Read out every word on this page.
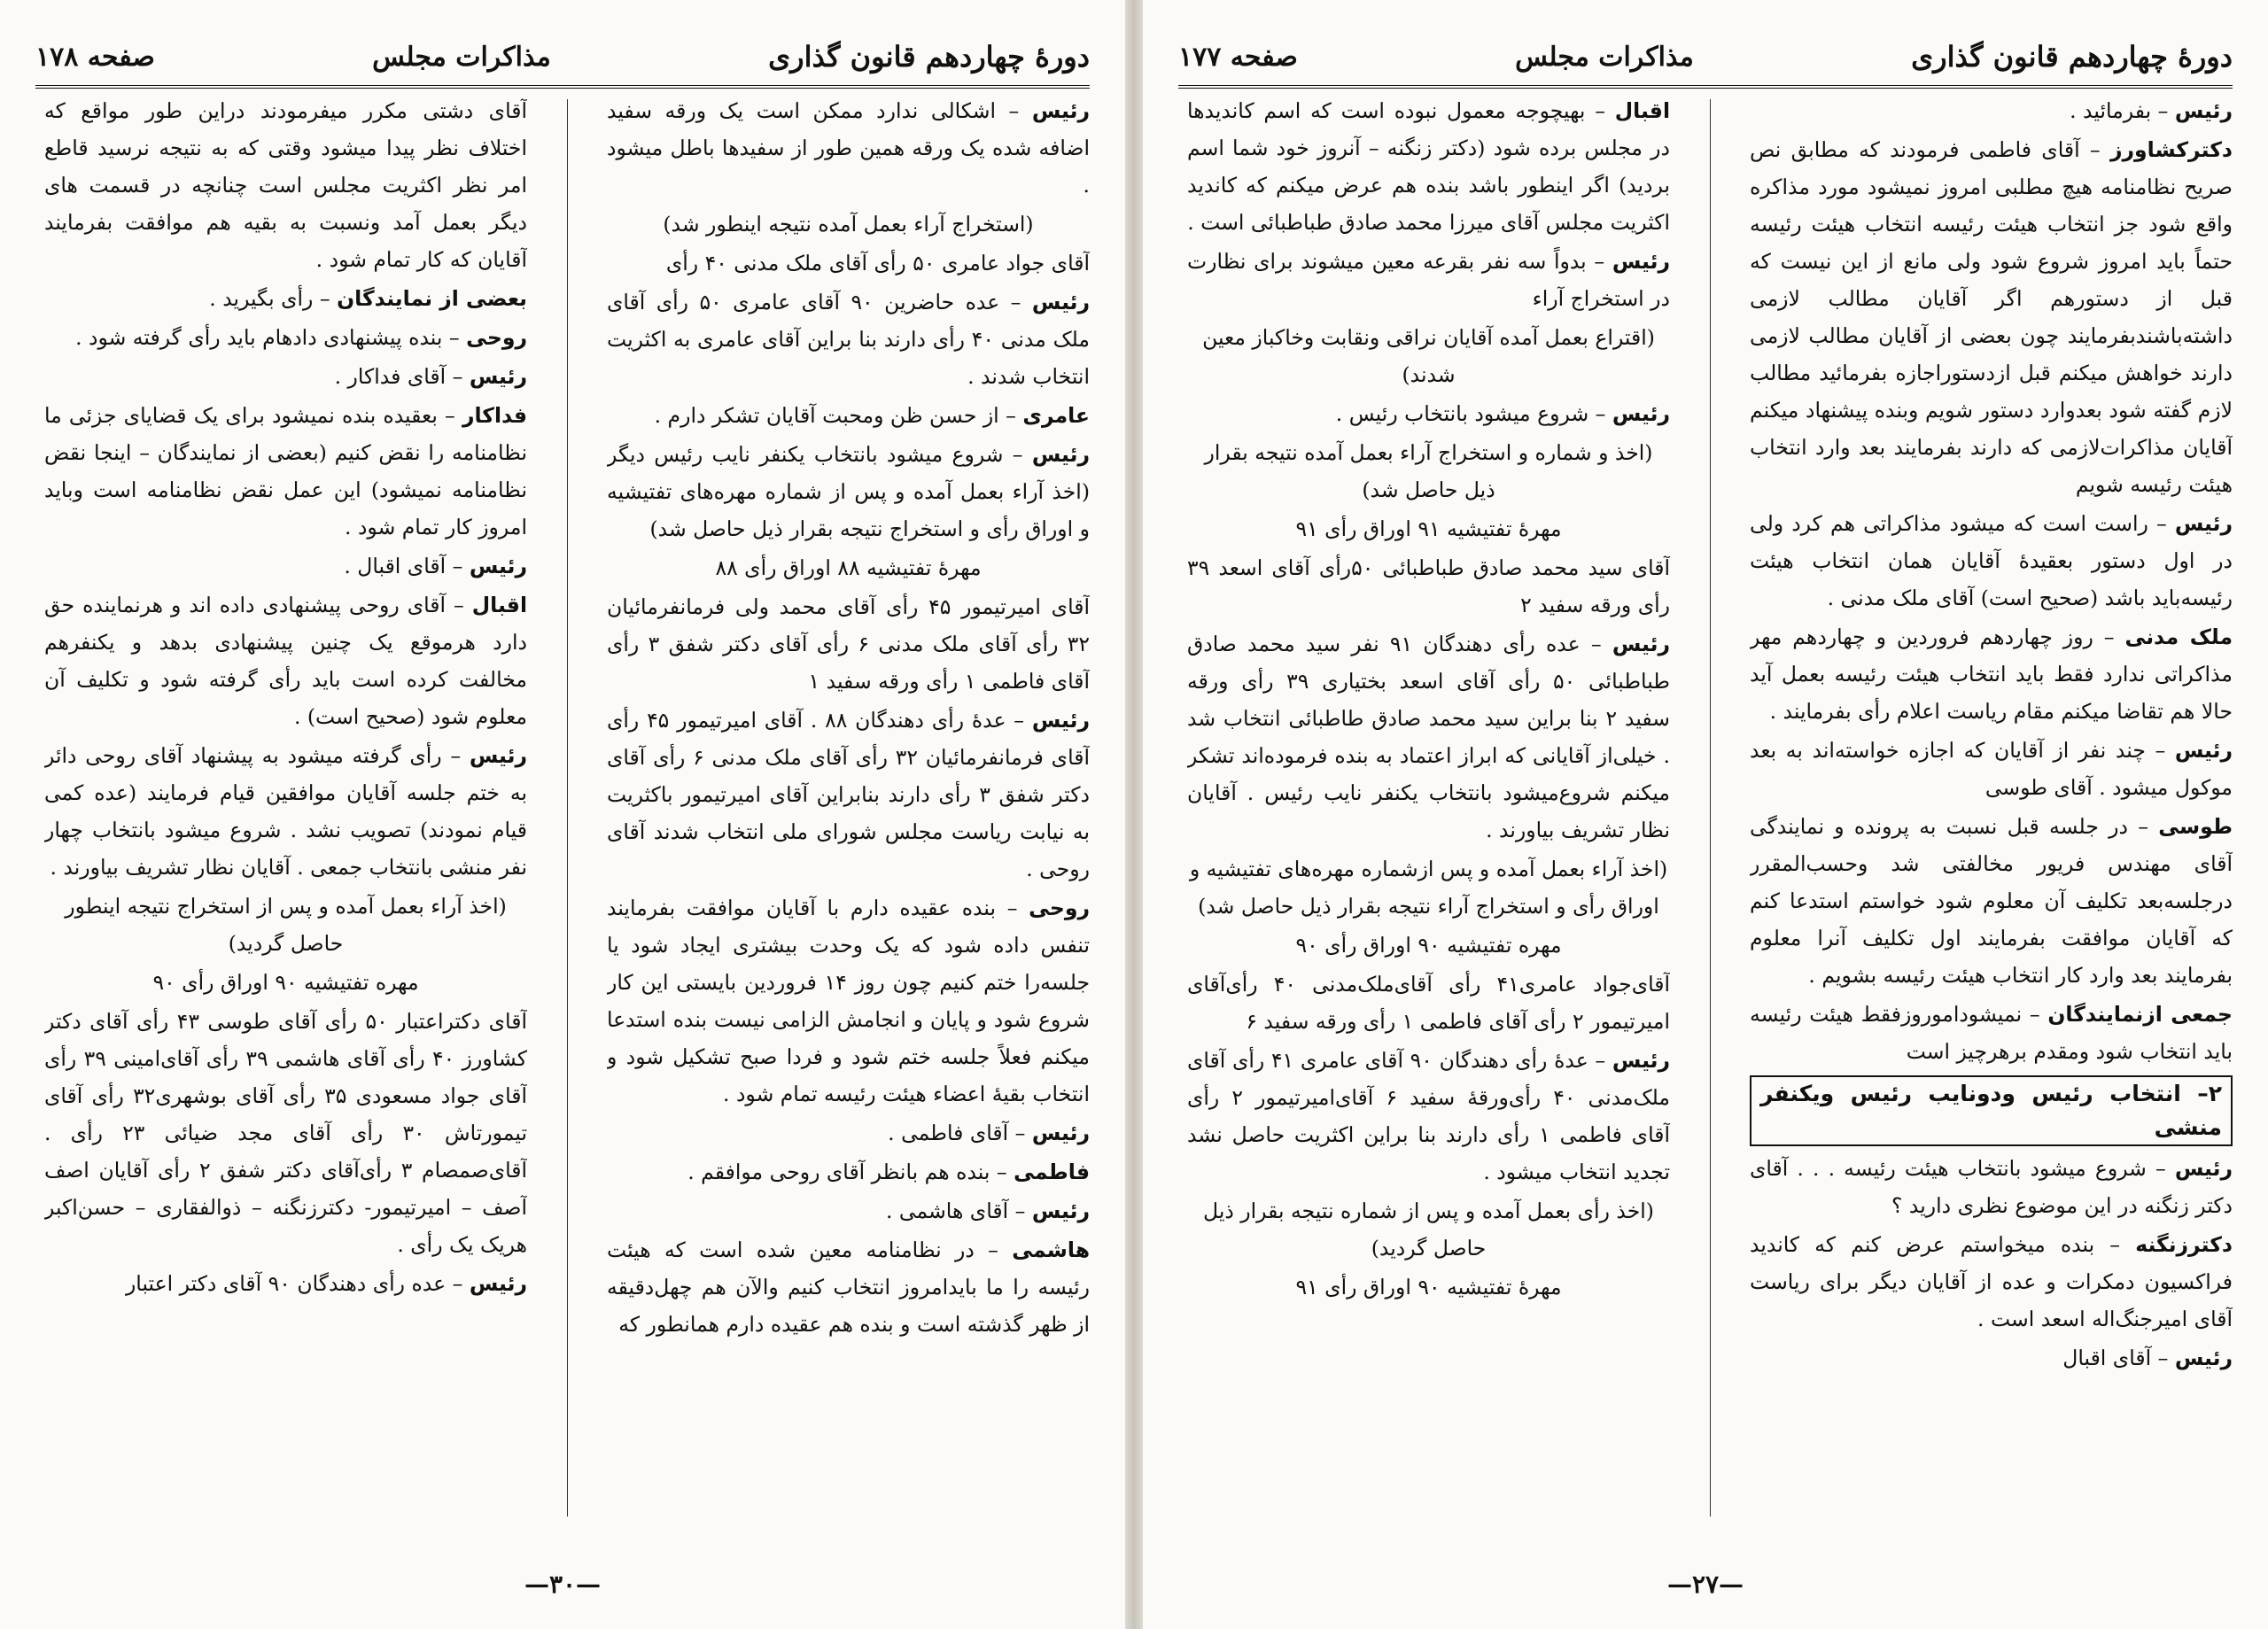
صفحه ۱۷۸	مذاکرات مجلس	دورهٔ چهاردهم قانون گذاری

رئیس – اشکالی ندارد ممکن است یک ورقه سفید اضافه شده یک ورقه همین طور از سفیدها باطل میشود .

(استخراج آراء بعمل آمده نتیجه اینطور شد)

آقای جواد عامری ۵۰ رأی آقای ملک مدنی ۴۰ رأی

رئیس – عده حاضرین ۹۰ آقای عامری ۵۰ رأی آقای ملک مدنی ۴۰ رأی دارند بنا براین آقای عامری به اکثریت انتخاب شدند .

عامری – از حسن ظن ومحبت آقایان تشکر دارم .

رئیس – شروع میشود بانتخاب یکنفر نایب رئیس دیگر (اخذ آراء بعمل آمده و پس از شماره مهره‌های تفتیشیه و اوراق رأی و استخراج نتیجه بقرار ذیل حاصل شد)

مهرهٔ تفتیشیه ۸۸ اوراق رأی ۸۸

آقای امیرتیمور ۴۵ رأی آقای محمد ولی فرمانفرمائیان ۳۲ رأی آقای ملک مدنی ۶ رأی آقای دکتر شفق ۳ رأی آقای فاطمی ۱ رأی ورقه سفید ۱

رئیس – عدهٔ رأی دهندگان ۸۸ . آقای امیرتیمور ۴۵ رأی آقای فرمانفرمائیان ۳۲ رأی آقای ملک مدنی ۶ رأی آقای دکتر شفق ۳ رأی دارند بنابراین آقای امیرتیمور باکثریت به نیابت ریاست مجلس شورای ملی انتخاب شدند آقای روحی .

روحی – بنده عقیده دارم با آقایان موافقت بفرمایند تنفس داده شود که یک وحدت بیشتری ایجاد شود یا جلسه‌را ختم کنیم چون روز ۱۴ فروردین بایستی این کار شروع شود و پایان و انجامش الزامی نیست بنده استدعا میکنم فعلاً جلسه ختم شود و فردا صبح تشکیل شود و انتخاب بقیهٔ اعضاء هیئت رئیسه تمام شود .

رئیس – آقای فاطمی .

فاطمی – بنده هم بانظر آقای روحی موافقم .

رئیس – آقای هاشمی .

هاشمی – در نظامنامه معین شده است که هیئت رئیسه را ما بایدامروز انتخاب کنیم والآن هم چهل‌دقیقه از ظهر گذشته است و بنده هم عقیده دارم همانطور که

آقای دشتی مکرر میفرمودند دراین طور مواقع که اختلاف نظر پیدا میشود وقتی که به نتیجه نرسید قاطع امر نظر اکثریت مجلس است چنانچه در قسمت های دیگر بعمل آمد ونسبت به بقیه هم موافقت بفرمایند آقایان که کار تمام شود .

بعضی از نمایندگان – رأی بگیرید .

روحی – بنده پیشنهادی دادهام باید رأی گرفته شود .

رئیس – آقای فداکار .

فداکار – بعقیده بنده نمیشود برای یک قضایای جزئی ما نظامنامه را نقض کنیم (بعضی از نمایندگان – اینجا نقض نظامنامه نمیشود) این عمل نقض نظامنامه است وباید امروز کار تمام شود .

رئیس – آقای اقبال .

اقبال – آقای روحی پیشنهادی داده اند و هرنماینده حق دارد هرموقع یک چنین پیشنهادی بدهد و یکنفرهم مخالفت کرده است باید رأی گرفته شود و تکلیف آن معلوم شود (صحیح است) .

رئیس – رأی گرفته میشود به پیشنهاد آقای روحی دائر به ختم جلسه آقایان موافقین قیام فرمایند (عده کمی قیام نمودند) تصویب نشد . شروع میشود بانتخاب چهار نفر منشی بانتخاب جمعی . آقایان نظار تشریف بیاورند .

(اخذ آراء بعمل آمده و پس از استخراج نتیجه اینطور حاصل گردید)

مهره تفتیشیه ۹۰ اوراق رأی ۹۰

آقای دکتراعتبار ۵۰ رأی آقای طوسی ۴۳ رأی آقای دکتر کشاورز ۴۰ رأی آقای هاشمی ۳۹ رأی آقای‌امینی ۳۹ رأی آقای جواد مسعودی ۳۵ رأی آقای بوشهری۳۲ رأی آقای تیمورتاش ۳۰ رأی آقای مجد ضیائی ۲۳ رأی . آقای‌صمصام ۳ رأی‌آقای دکتر شفق ۲ رأی آقایان اصف آصف – امیرتیمور- دکترزنگنه – ذوالفقاری – حسن‌اکبر هریک یک رأی .

رئیس – عده رأی دهندگان ۹۰ آقای دکتر اعتبار

—۳۰—
صفحه ۱۷۷	مذاکرات مجلس	دورهٔ چهاردهم قانون گذاری

رئیس – بفرمائید .

دکترکشاورز – آقای فاطمی فرمودند که مطابق نص صریح نظامنامه هیچ مطلبی امروز نمیشود مورد مذاکره واقع شود جز انتخاب هیئت رئیسه انتخاب هیئت رئیسه حتماً باید امروز شروع شود ولی مانع از این نیست که قبل از دستورهم اگر آقایان مطالب لازمی داشته‌باشندبفرمایند چون بعضی از آقایان مطالب لازمی دارند خواهش میکنم قبل ازدستوراجازه بفرمائید مطالب لازم گفته شود بعدوارد دستور شویم وبنده پیشنهاد میکنم آقایان مذاکرات‌لازمی که دارند بفرمایند بعد وارد انتخاب هیئت رئیسه شویم

رئیس – راست است که میشود مذاکراتی هم کرد ولی در اول دستور بعقیدهٔ آقایان همان انتخاب هیئت رئیسه‌باید باشد (صحیح است) آقای ملک مدنی .

ملک مدنی – روز چهاردهم فروردین و چهاردهم مهر مذاکراتی ندارد فقط باید انتخاب هیئت رئیسه بعمل آید حالا هم تقاضا میکنم مقام ریاست اعلام رأی بفرمایند .

رئیس – چند نفر از آقایان که اجازه خواسته‌اند به بعد موکول میشود . آقای طوسی

طوسی – در جلسه قبل نسبت به پرونده و نمایندگی آقای مهندس فریور مخالفتی شد وحسب‌المقرر درجلسه‌بعد تکلیف آن معلوم شود خواستم استدعا کنم که آقایان موافقت بفرمایند اول تکلیف آنرا معلوم بفرمایند بعد وارد کار انتخاب هیئت رئیسه بشویم .

جمعی ازنمایندگان – نمیشوداموروزفقط هیئت رئیسه باید انتخاب شود ومقدم برهرچیز است

۲– انتخاب رئیس ودونایب رئیس ویکنفر منشی

رئیس – شروع میشود بانتخاب هیئت رئیسه . . . آقای دکتر زنگنه در این موضوع نظری دارید ؟

دکترزنگنه – بنده میخواستم عرض کنم که کاندید فراکسیون دمکرات و عده از آقایان دیگر برای ریاست آقای امیرجنگ‌اله اسعد است .

رئیس – آقای اقبال

اقبال – بهیچوجه معمول نبوده است که اسم کاندیدها در مجلس برده شود (دکتر زنگنه – آنروز خود شما اسم بردید) اگر اینطور باشد بنده هم عرض میکنم که کاندید اکثریت مجلس آقای میرزا محمد صادق طباطبائی است .

رئیس – بدواً سه نفر بقرعه معین میشوند برای نظارت در استخراج آراء

(اقتراع بعمل آمده آقایان نراقی ونقابت وخاکباز معین شدند)

رئیس – شروع میشود بانتخاب رئیس .

(اخذ و شماره و استخراج آراء بعمل آمده نتیجه بقرار ذیل حاصل شد)

مهرهٔ تفتیشیه ۹۱ اوراق رأی ۹۱

آقای سید محمد صادق طباطبائی ۵۰رأی آقای اسعد ۳۹ رأی ورقه سفید ۲

رئیس – عده رأی دهندگان ۹۱ نفر سید محمد صادق طباطبائی ۵۰ رأی آقای اسعد بختیاری ۳۹ رأی ورقه سفید ۲ بنا براین سید محمد صادق طاطبائی انتخاب شد . خیلی‌از آقایانی که ابراز اعتماد به بنده فرموده‌اند تشکر میکنم شروع‌میشود بانتخاب یکنفر نایب رئیس . آقایان نظار تشریف بیاورند .

(اخذ آراء بعمل آمده و پس ازشماره مهره‌های تفتیشیه و اوراق رأی و استخراج آراء نتیجه بقرار ذیل حاصل شد)

مهره تفتیشیه ۹۰ اوراق رأی ۹۰

آقای‌جواد عامری۴۱ رأی آقای‌ملک‌مدنی ۴۰ رأی‌آقای امیرتیمور ۲ رأی آقای فاطمی ۱ رأی ورقه سفید ۶

رئیس – عدهٔ رأی دهندگان ۹۰ آقای عامری ۴۱ رأی آقای ملک‌مدنی ۴۰ رأی‌ورقهٔ سفید ۶ آقای‌امیرتیمور ۲ رأی آقای فاطمی ۱ رأی دارند بنا براین اکثریت حاصل نشد تجدید انتخاب میشود .

(اخذ رأی بعمل آمده و پس از شماره نتیجه بقرار ذیل حاصل گردید)

مهرهٔ تفتیشیه ۹۰ اوراق رأی ۹۱

—۲۷—
